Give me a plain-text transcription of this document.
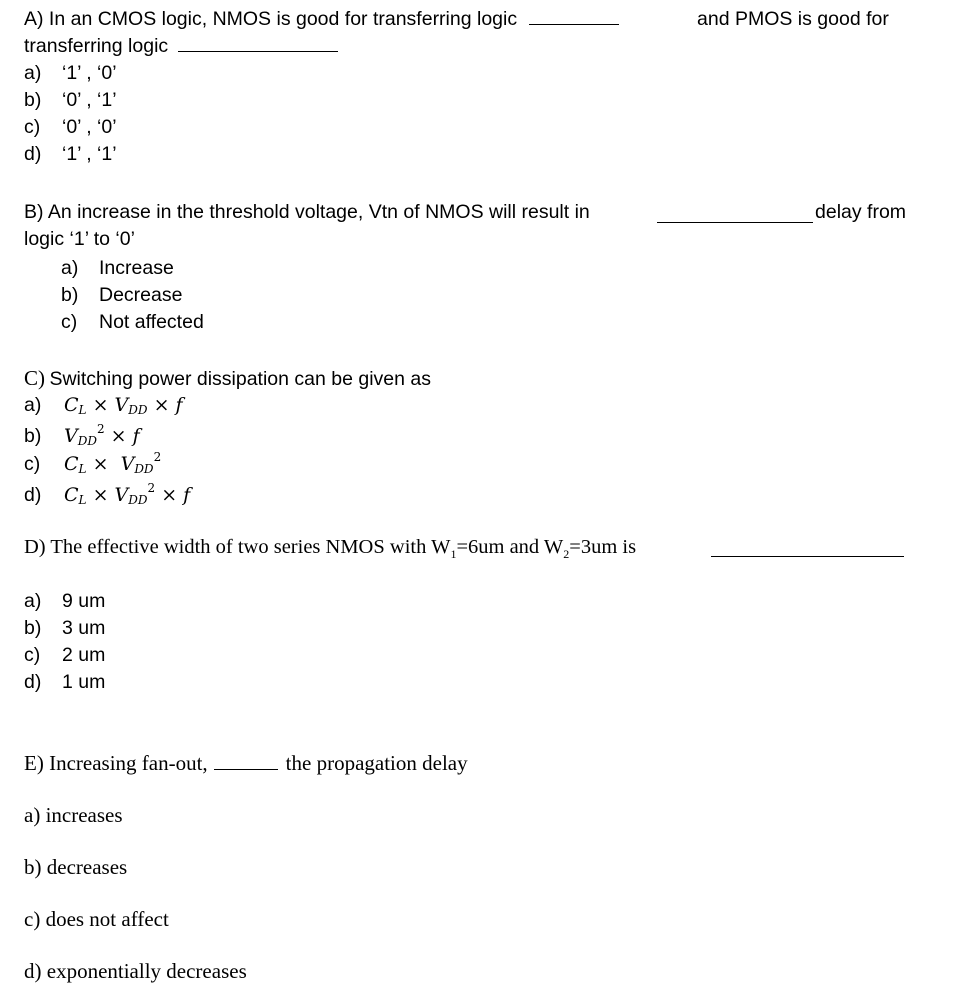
A) In an CMOS logic, NMOS is good for transferring logic	and PMOS is good for
transferring logic
a) ‘1’ , ‘0’
b) ‘0’ , ‘1’
c) ‘0’ , ‘0’
d) ‘1’ , ‘1’
B) An increase in the threshold voltage, Vtn of NMOS will result in	delay from
logic ‘1’ to ‘0’
a) Increase
b) Decrease
c) Not affected
C) Switching power dissipation can be given as
a) $C_L \times V_{DD} \times f$
b) $V_{DD}^2 \times f$
c) $C_L \times V_{DD}^2$
d) $C_L \times V_{DD}^2 \times f$
D) The effective width of two series NMOS with $W_1=6um$ and $W_2=3um$ is
a) 9 um
b) 3 um
c) 2 um
d) 1 um
E) Increasing fan-out,	the propagation delay
a) increases
b) decreases
c) does not affect
d) exponentially decreases
